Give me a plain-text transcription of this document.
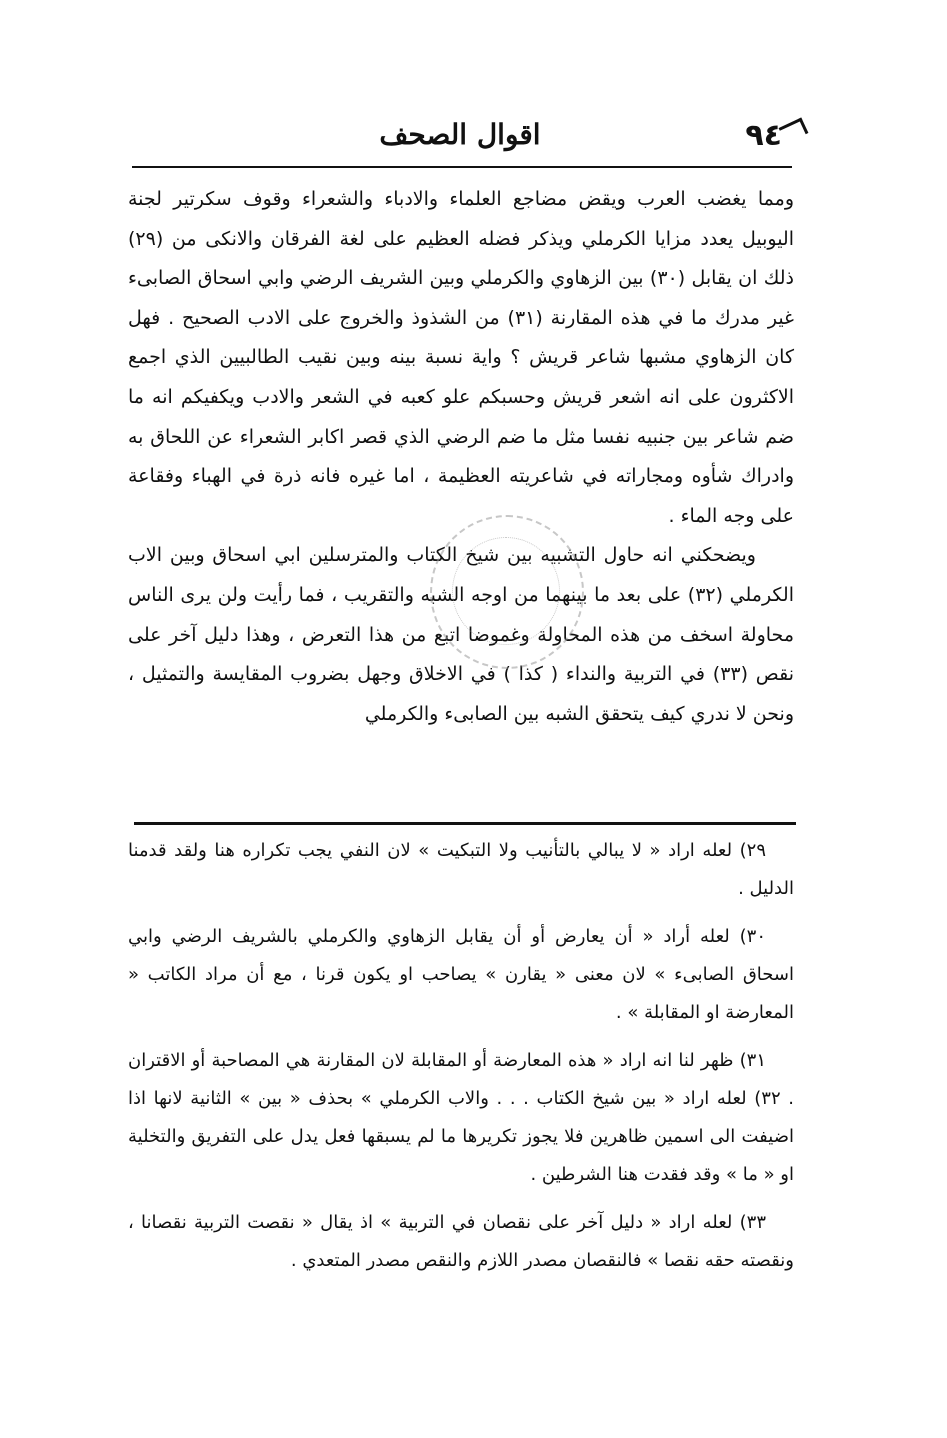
٩٤
اقوال الصحف

ومما يغضب العرب ويقض مضاجع العلماء والادباء والشعراء وقوف سكرتير لجنة اليوبيل يعدد مزايا الكرملي ويذكر فضله العظيم على لغة الفرقان والانكى من (٢٩) ذلك ان يقابل (٣٠) بين الزهاوي والكرملي وبين الشريف الرضي وابي اسحاق الصابىء غير مدرك ما في هذه المقارنة (٣١) من الشذوذ والخروج على الادب الصحيح . فهل كان الزهاوي مشبها شاعر قريش ؟ واية نسبة بينه وبين نقيب الطالبيين الذي اجمع الاكثرون على انه اشعر قريش وحسبكم علو كعبه في الشعر والادب ويكفيكم انه ما ضم شاعر بين جنبيه نفسا مثل ما ضم الرضي الذي قصر اكابر الشعراء عن اللحاق به وادراك شأوه ومجاراته في شاعريته العظيمة ، اما غيره فانه ذرة في الهباء وفقاعة على وجه الماء .

ويضحكني انه حاول التشبيه بين شيخ الكتاب والمترسلين ابي اسحاق وبين الاب الكرملي (٣٢) على بعد ما بينهما من اوجه الشبه والتقريب ، فما رأيت ولن يرى الناس محاولة اسخف من هذه المحاولة وغموضا اتبع من هذا التعرض ، وهذا دليل آخر على نقص (٣٣) في التربية والنداء ( كذا ) في الاخلاق وجهل بضروب المقايسة والتمثيل ، ونحن لا ندري كيف يتحقق الشبه بين الصابىء والكرملي

٢٩) لعله اراد « لا يبالي بالتأنيب ولا التبكيت » لان النفي يجب تكراره هنا ولقد قدمنا الدليل .

٣٠) لعله أراد « أن يعارض أو أن يقابل الزهاوي والكرملي بالشريف الرضي وابي اسحاق الصابىء » لان معنى « يقارن » يصاحب او يكون قرنا ، مع أن مراد الكاتب « المعارضة او المقابلة » .

٣١) ظهر لنا انه اراد « هذه المعارضة أو المقابلة لان المقارنة هي المصاحبة أو الاقتران . ٣٢) لعله اراد « بين شيخ الكتاب . . . والاب الكرملي » بحذف « بين » الثانية لانها اذا اضيفت الى اسمين ظاهرين فلا يجوز تكريرها ما لم يسبقها فعل يدل على التفريق والتخلية او « ما » وقد فقدت هنا الشرطين .

٣٣) لعله اراد « دليل آخر على نقصان في التربية » اذ يقال « نقصت التربية نقصانا ، ونقصته حقه نقصا » فالنقصان مصدر اللازم والنقص مصدر المتعدي .
